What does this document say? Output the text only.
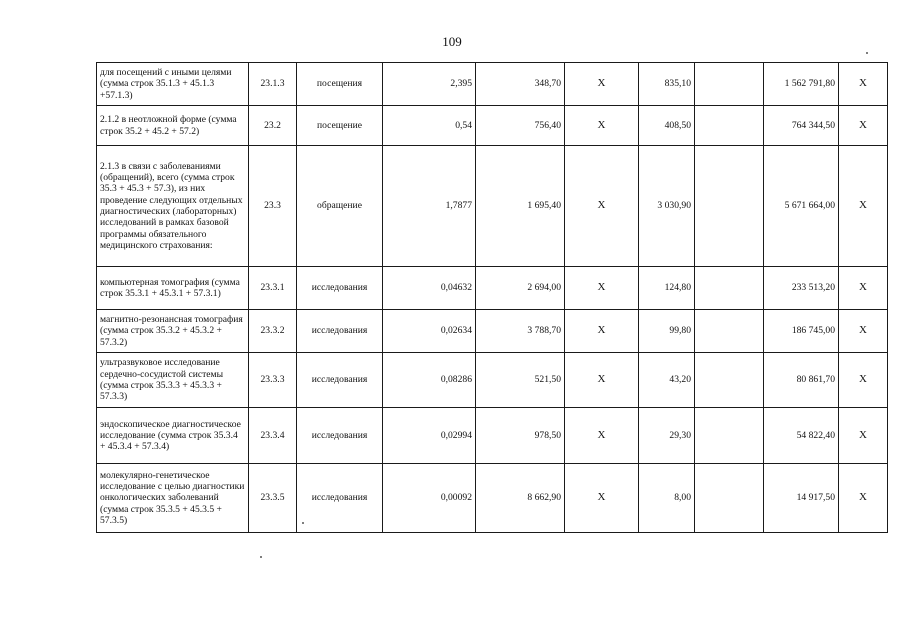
109
для посещений с иными целями (сумма строк 35.1.3 + 45.1.3 +57.1.3)	23.1.3	посещения	2,395	348,70	X	835,10		1 562 791,80	X
2.1.2 в неотложной форме (сумма строк 35.2 + 45.2 + 57.2)	23.2	посещение	0,54	756,40	X	408,50		764 344,50	X
2.1.3 в связи с заболеваниями (обращений), всего (сумма строк 35.3 + 45.3 + 57.3), из них проведение следующих отдельных диагностических (лабораторных) исследований в рамках базовой программы обязательного медицинского страхования:	23.3	обращение	1,7877	1 695,40	X	3 030,90		5 671 664,00	X
компьютерная томография (сумма строк 35.3.1 + 45.3.1 + 57.3.1)	23.3.1	исследования	0,04632	2 694,00	X	124,80		233 513,20	X
магнитно-резонансная томография (сумма строк 35.3.2 + 45.3.2 + 57.3.2)	23.3.2	исследования	0,02634	3 788,70	X	99,80		186 745,00	X
ультразвуковое исследование сердечно-сосудистой системы (сумма строк 35.3.3 + 45.3.3 + 57.3.3)	23.3.3	исследования	0,08286	521,50	X	43,20		80 861,70	X
эндоскопическое диагностическое исследование (сумма строк 35.3.4 + 45.3.4 + 57.3.4)	23.3.4	исследования	0,02994	978,50	X	29,30		54 822,40	X
молекулярно-генетическое исследование с целью диагностики онкологических заболеваний (сумма строк 35.3.5 + 45.3.5 + 57.3.5)	23.3.5	исследования	0,00092	8 662,90	X	8,00		14 917,50	X
